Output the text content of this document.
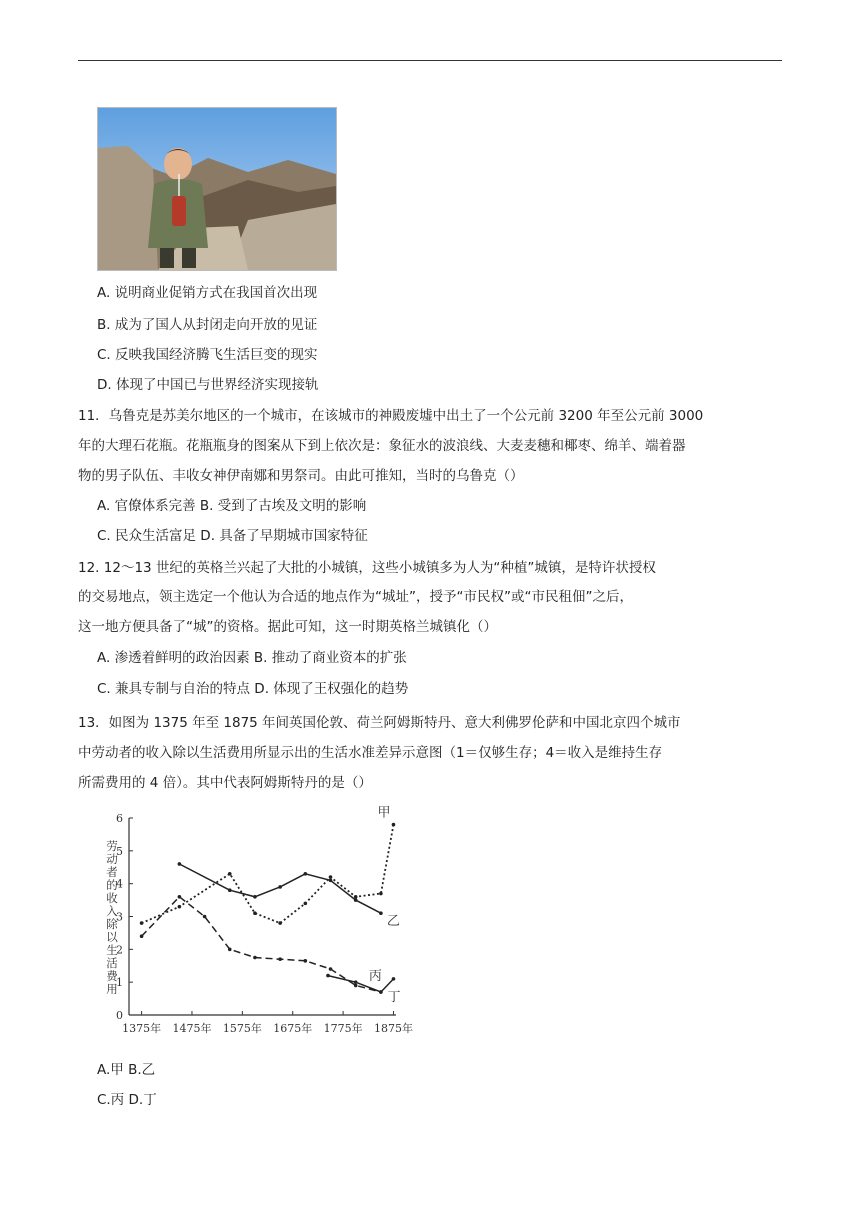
A. 说明商业促销方式在我国首次出现
B. 成为了国人从封闭走向开放的见证
C. 反映我国经济腾飞生活巨变的现实
D. 体现了中国已与世界经济实现接轨
11．乌鲁克是苏美尔地区的一个城市，在该城市的神殿废墟中出土了一个公元前 3200 年至公元前 3000
年的大理石花瓶。花瓶瓶身的图案从下到上依次是：象征水的波浪线、大麦麦穗和椰枣、绵羊、端着器
物的男子队伍、丰收女神伊南娜和男祭司。由此可推知，当时的乌鲁克（）
A. 官僚体系完善 B. 受到了古埃及文明的影响
C. 民众生活富足 D. 具备了早期城市国家特征
12. 12～13 世纪的英格兰兴起了大批的小城镇，这些小城镇多为人为“种植”城镇，是特许状授权
的交易地点，领主选定一个他认为合适的地点作为“城址”，授予“市民权”或“市民租佃”之后，
这一地方便具备了“城”的资格。据此可知，这一时期英格兰城镇化（）
A. 渗透着鲜明的政治因素 B. 推动了商业资本的扩张
C. 兼具专制与自治的特点 D. 体现了王权强化的趋势
13．如图为 1375 年至 1875 年间英国伦敦、荷兰阿姆斯特丹、意大利佛罗伦萨和中国北京四个城市
中劳动者的收入除以生活费用所显示出的生活水准差异示意图（1＝仅够生存；4＝收入是维持生存
所需费用的 4 倍）。其中代表阿姆斯特丹的是（）
0
1
2
3
4
5
6
劳
动
者
的
收
入
除
以
生
活
费
用
1375年 1475年 1575年 1675年 1775年 1875年
甲
乙
丙
丁
A.甲 B.乙
C.丙 D.丁
